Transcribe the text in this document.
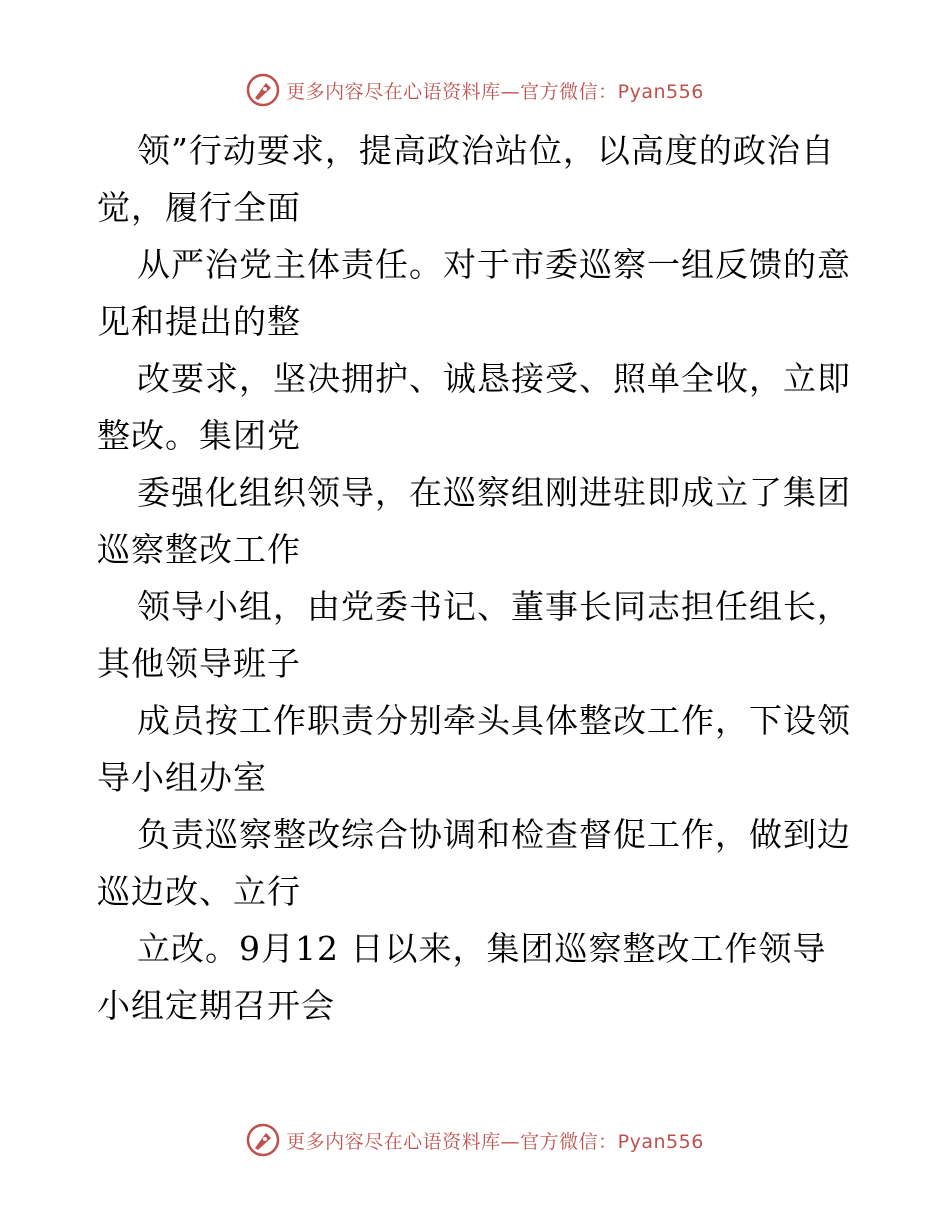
更多内容尽在心语资料库—官方微信：Pyan556
领”行动要求，提高政治站位，以高度的政治自
觉，履行全面
从严治党主体责任。对于市委巡察一组反馈的意
见和提出的整
改要求，坚决拥护、诚恳接受、照单全收，立即
整改。集团党
委强化组织领导，在巡察组刚进驻即成立了集团
巡察整改工作
领导小组，由党委书记、董事长同志担任组长，
其他领导班子
成员按工作职责分别牵头具体整改工作，下设领
导小组办室
负责巡察整改综合协调和检查督促工作，做到边
巡边改、立行
立改。9月12 日以来，集团巡察整改工作领导
小组定期召开会
更多内容尽在心语资料库—官方微信：Pyan556
